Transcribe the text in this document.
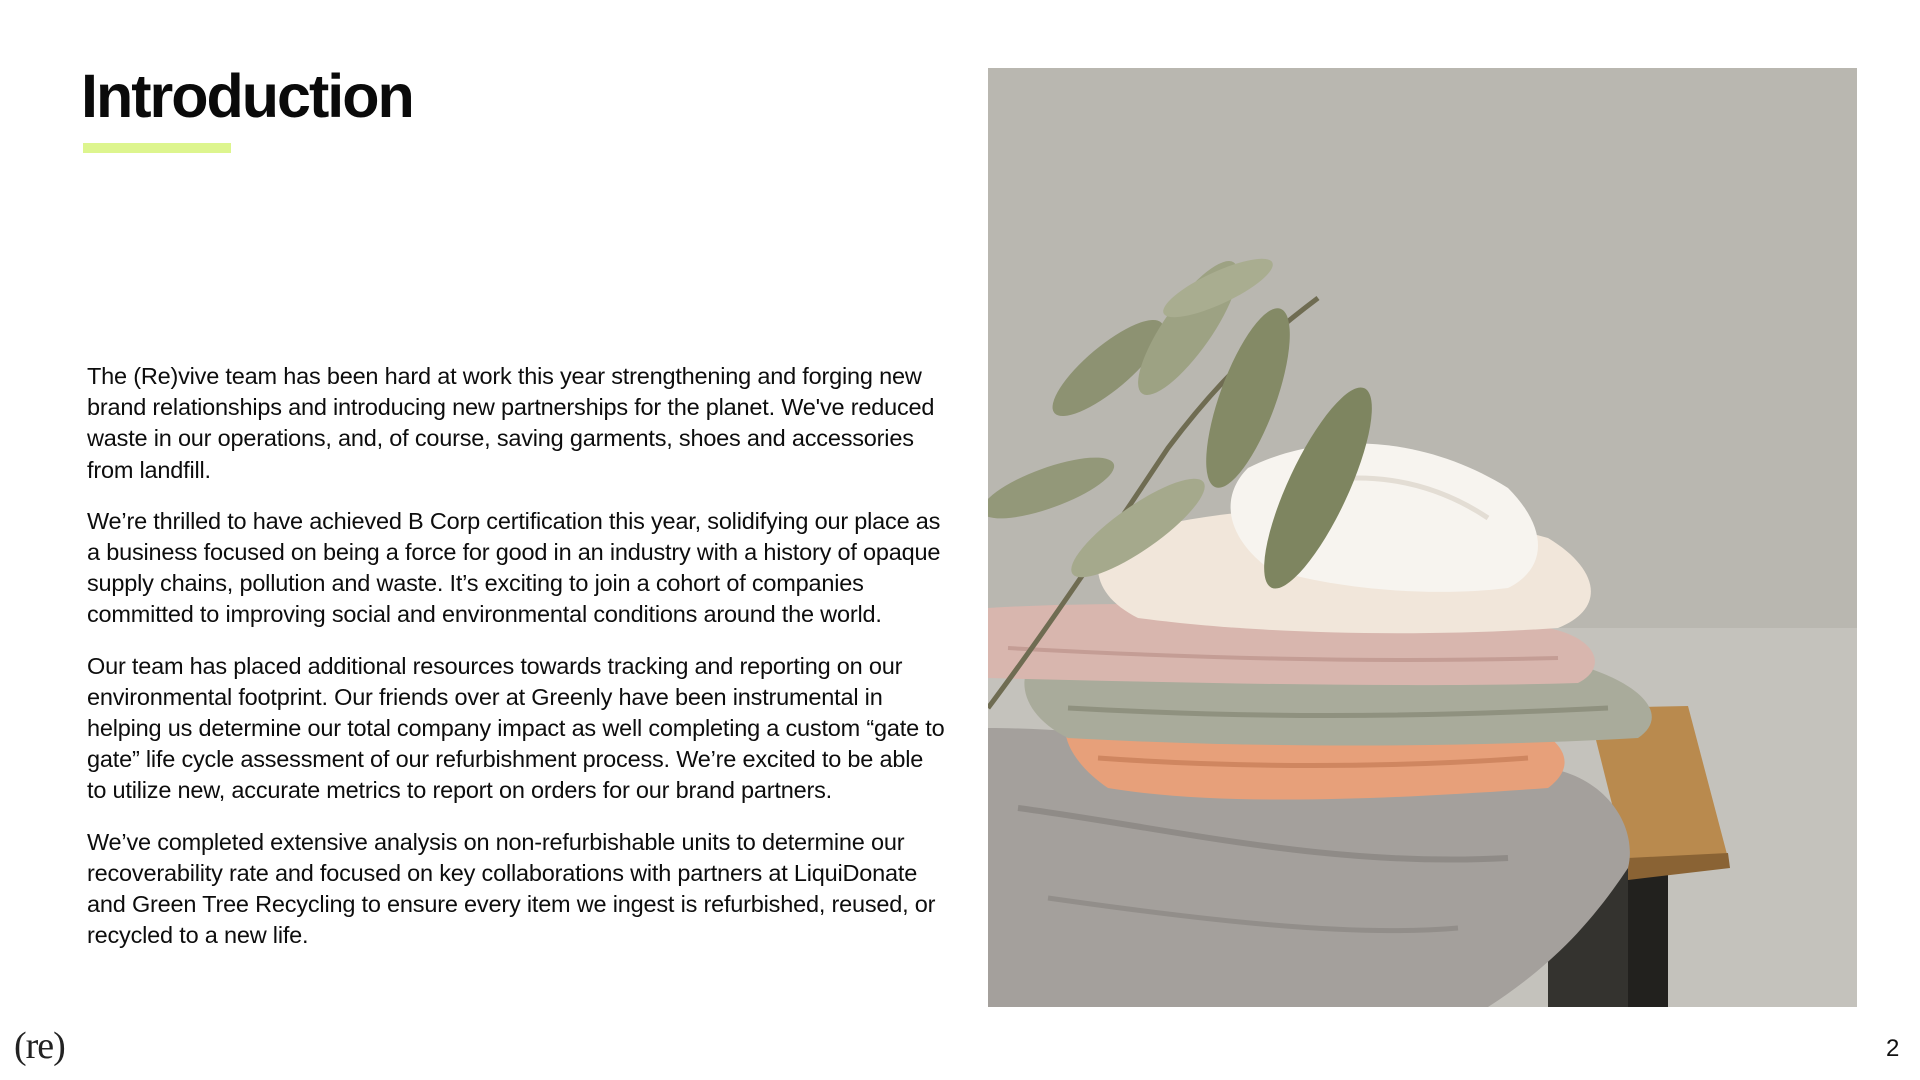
Introduction

The (Re)vive team has been hard at work this year strengthening and forging new brand relationships and introducing new partnerships for the planet. We've reduced waste in our operations, and, of course, saving garments, shoes and accessories from landfill.

We’re thrilled to have achieved B Corp certification this year, solidifying our place as a business focused on being a force for good in an industry with a history of opaque supply chains, pollution and waste. It’s exciting to join a cohort of companies committed to improving social and environmental conditions around the world.

Our team has placed additional resources towards tracking and reporting on our environmental footprint. Our friends over at Greenly have been instrumental in helping us determine our total company impact as well completing a custom “gate to gate” life cycle assessment of our refurbishment process. We’re excited to be able to utilize new, accurate metrics to report on orders for our brand partners.

We’ve completed extensive analysis on non-refurbishable units to determine our recoverability rate and focused on key collaborations with partners at LiquiDonate and Green Tree Recycling to ensure every item we ingest is refurbished, reused, or recycled to a new life.

(re)	2
